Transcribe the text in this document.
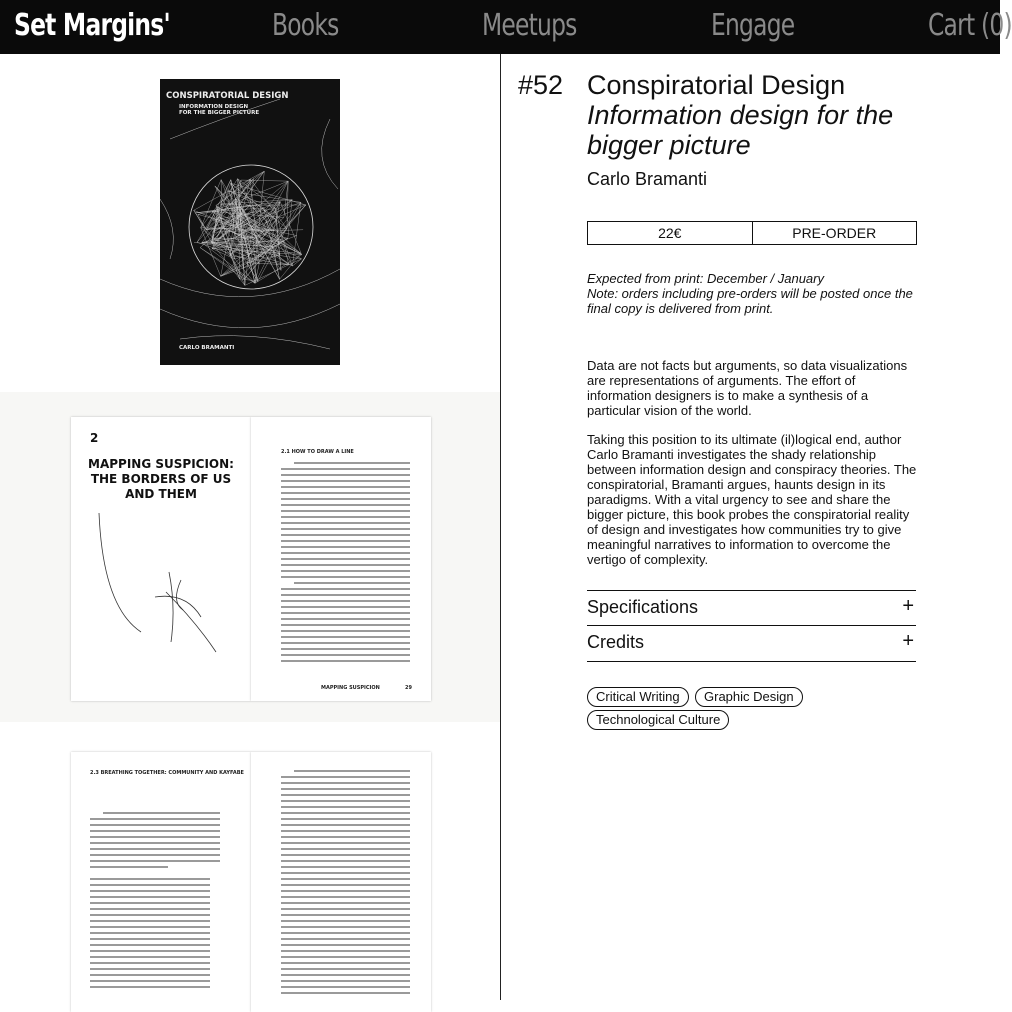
Set Margins'	Books	Meetups	Engage	Cart (0)
CONSPIRATORIAL DESIGN
INFORMATION DESIGN
FOR THE BIGGER PICTURE
CARLO BRAMANTI
2
MAPPING SUSPICION: THE BORDERS OF US AND THEM
2.1 HOW TO DRAW A LINE
MAPPING SUSPICION	29
2.3 BREATHING TOGETHER: COMMUNITY AND KAYFABE
#52 Conspiratorial Design
Information design for the bigger picture
Carlo Bramanti
22€	PRE-ORDER
Expected from print: December / January
Note: orders including pre-orders will be posted once the final copy is delivered from print.
Data are not facts but arguments, so data visualizations are representations of arguments. The effort of information designers is to make a synthesis of a particular vision of the world.
Taking this position to its ultimate (il)logical end, author Carlo Bramanti investigates the shady relationship between information design and conspiracy theories. The conspiratorial, Bramanti argues, haunts design in its paradigms. With a vital urgency to see and share the bigger picture, this book probes the conspiratorial reality of design and investigates how communities try to give meaningful narratives to information to overcome the vertigo of complexity.
Specifications	+
Credits	+
Critical Writing	Graphic Design
Technological Culture
